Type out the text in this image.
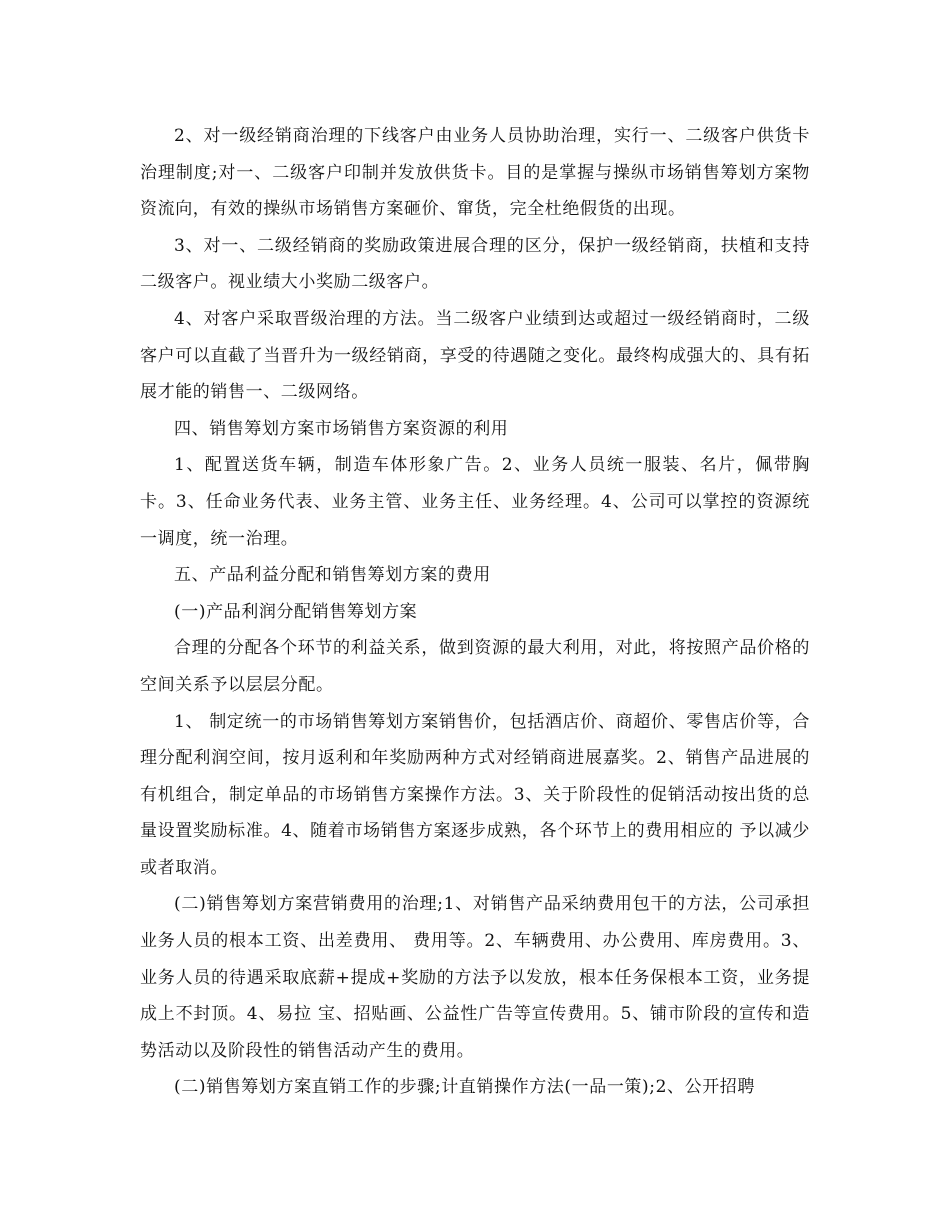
2、对一级经销商治理的下线客户由业务人员协助治理，实行一、二级客户供货卡治理制度;对一、二级客户印制并发放供货卡。目的是掌握与操纵市场销售筹划方案物资流向，有效的操纵市场销售方案砸价、窜货，完全杜绝假货的出现。

3、对一、二级经销商的奖励政策进展合理的区分，保护一级经销商，扶植和支持二级客户。视业绩大小奖励二级客户。

4、对客户采取晋级治理的方法。当二级客户业绩到达或超过一级经销商时，二级客户可以直截了当晋升为一级经销商，享受的待遇随之变化。最终构成强大的、具有拓展才能的销售一、二级网络。

四、销售筹划方案市场销售方案资源的利用

1、配置送货车辆，制造车体形象广告。2、业务人员统一服装、名片，佩带胸卡。3、任命业务代表、业务主管、业务主任、业务经理。4、公司可以掌控的资源统一调度，统一治理。

五、产品利益分配和销售筹划方案的费用

(一)产品利润分配销售筹划方案

合理的分配各个环节的利益关系，做到资源的最大利用，对此，将按照产品价格的空间关系予以层层分配。

1、 制定统一的市场销售筹划方案销售价，包括酒店价、商超价、零售店价等，合理分配利润空间，按月返利和年奖励两种方式对经销商进展嘉奖。2、销售产品进展的 有机组合，制定单品的市场销售方案操作方法。3、关于阶段性的促销活动按出货的总量设置奖励标准。4、随着市场销售方案逐步成熟，各个环节上的费用相应的 予以减少或者取消。

(二)销售筹划方案营销费用的治理;1、对销售产品采纳费用包干的方法，公司承担业务人员的根本工资、出差费用、 费用等。2、车辆费用、办公费用、库房费用。3、业务人员的待遇采取底薪+提成+奖励的方法予以发放，根本任务保根本工资，业务提成上不封顶。4、易拉 宝、招贴画、公益性广告等宣传费用。5、铺市阶段的宣传和造势活动以及阶段性的销售活动产生的费用。

(二)销售筹划方案直销工作的步骤;计直销操作方法(一品一策);2、公开招聘
